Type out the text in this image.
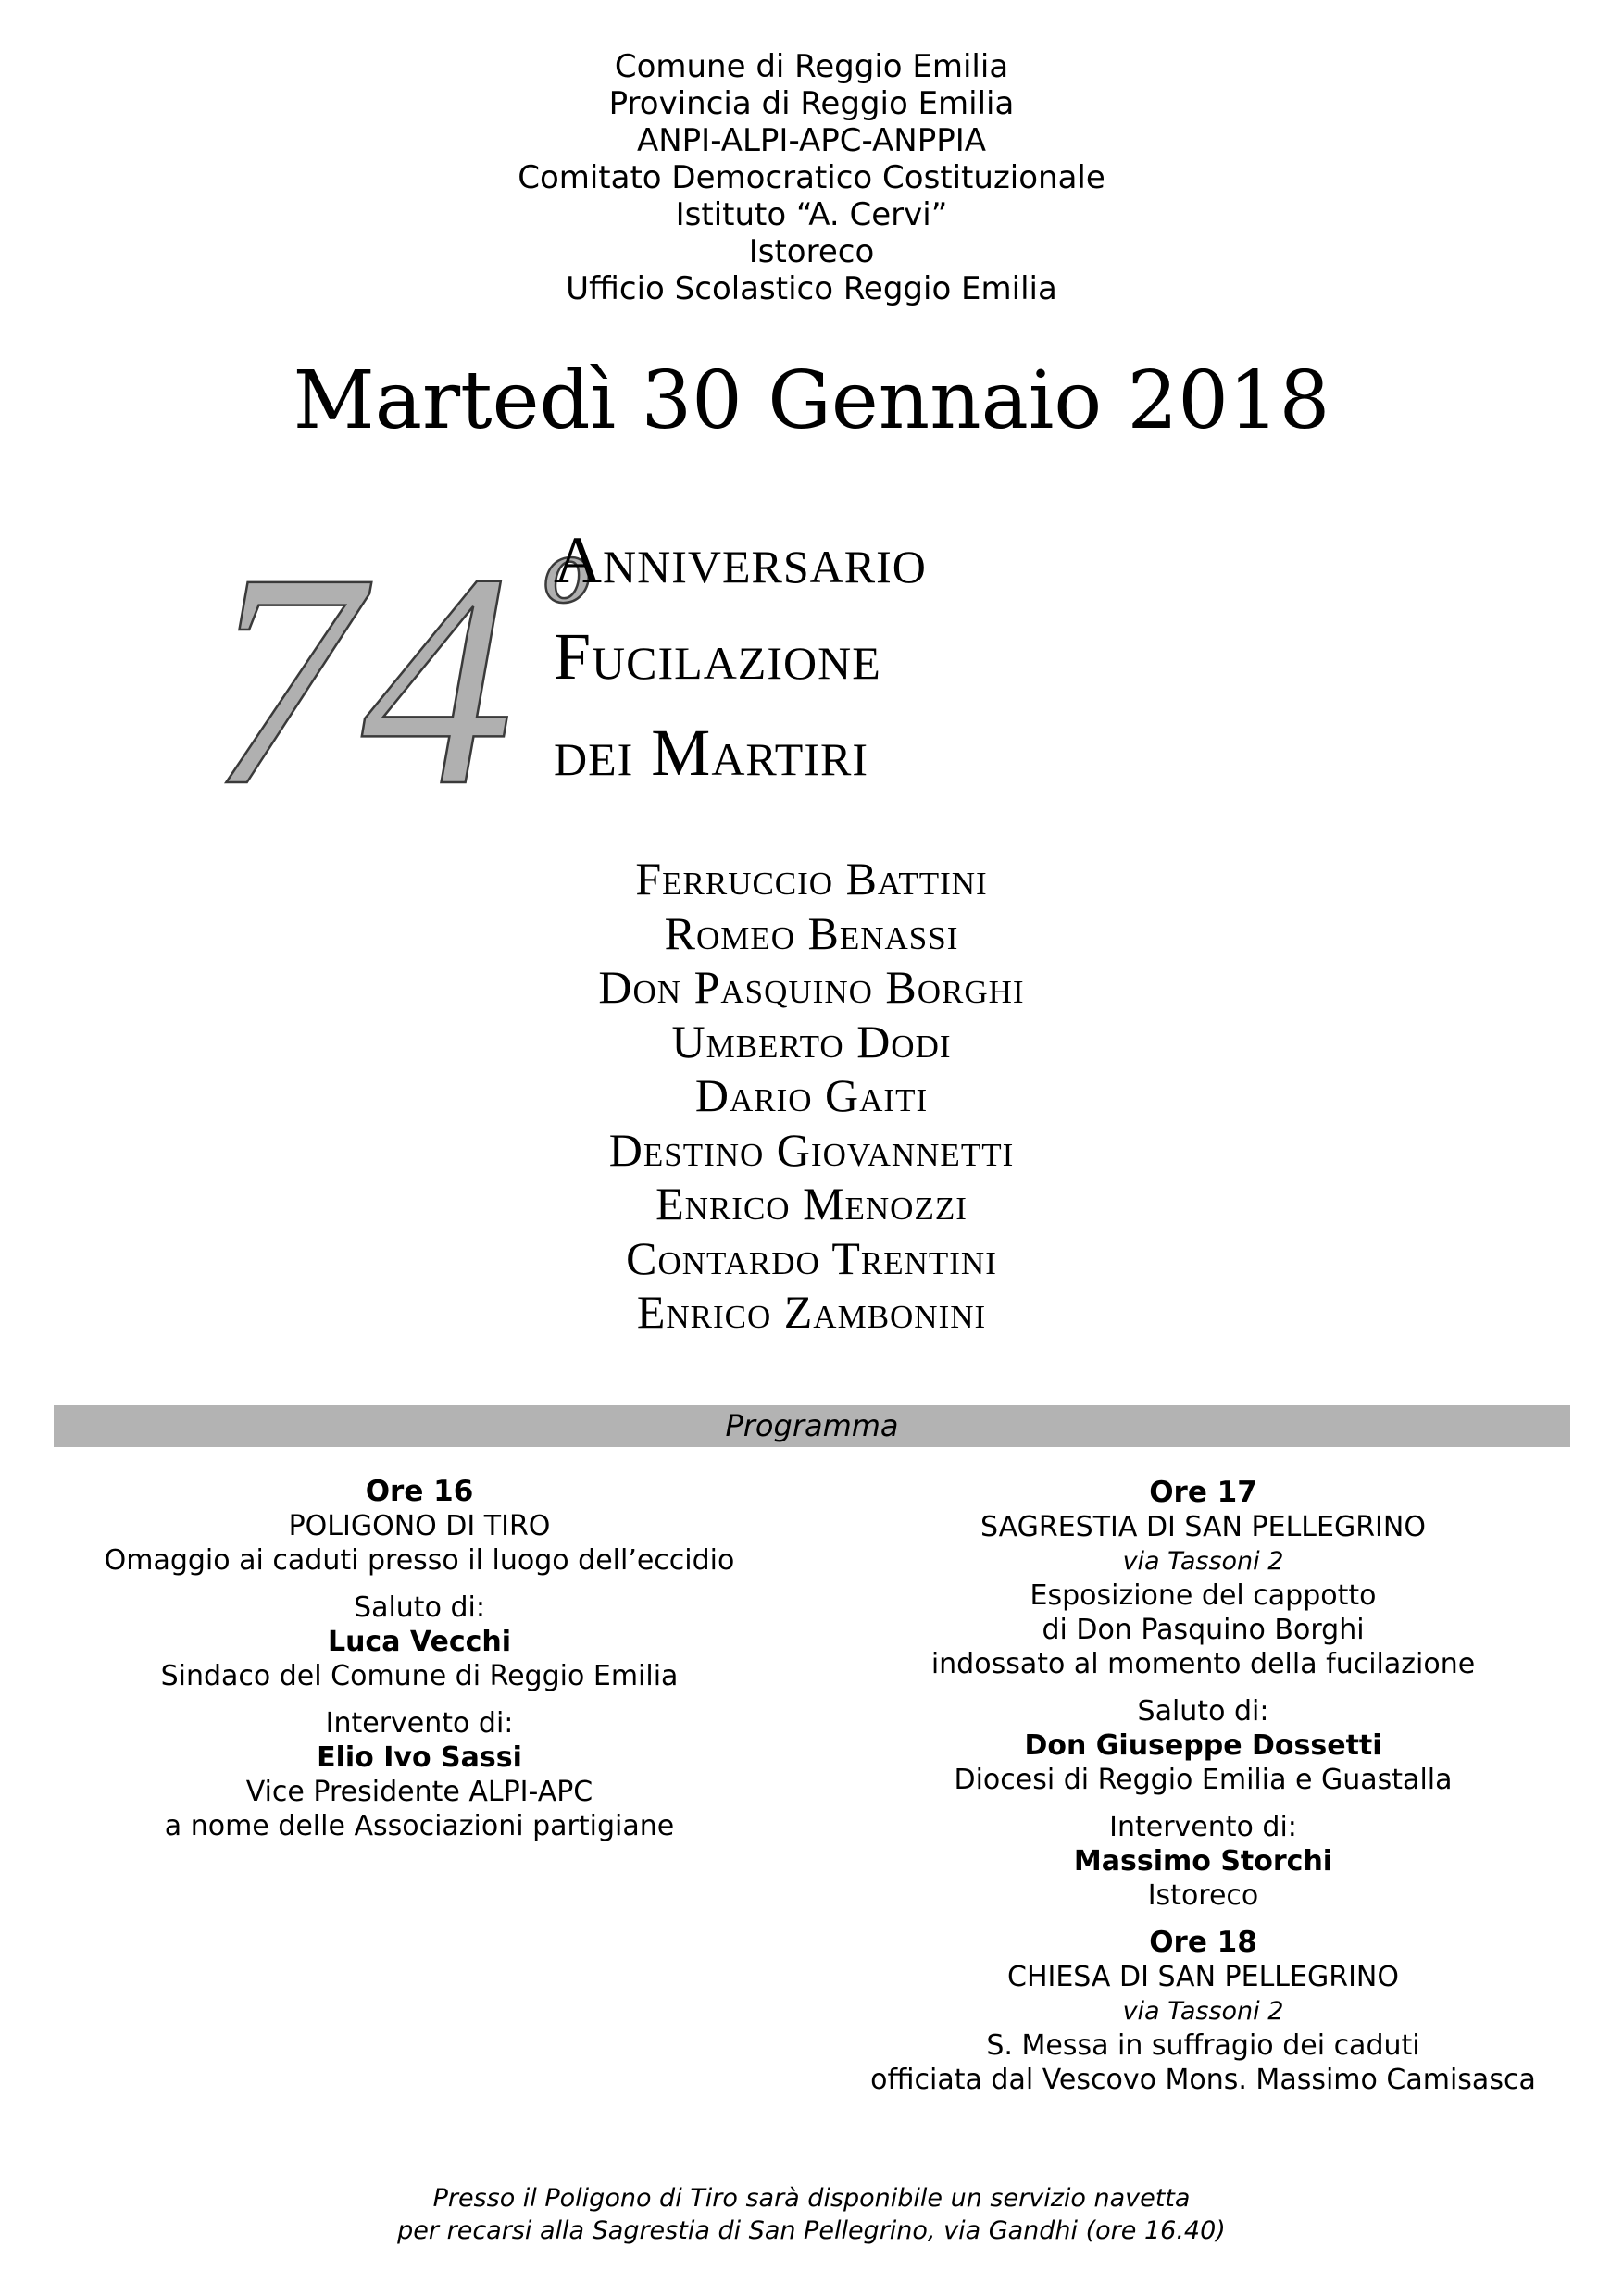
Comune di Reggio Emilia
Provincia di Reggio Emilia
ANPI-ALPI-APC-ANPPIA
Comitato Democratico Costituzionale
Istituto “A. Cervi”
Istoreco
Ufficio Scolastico Reggio Emilia
Martedì 30 Gennaio 2018
74 º
Anniversario
Fucilazione
dei Martiri
Ferruccio Battini
Romeo Benassi
Don Pasquino Borghi
Umberto Dodi
Dario Gaiti
Destino Giovannetti
Enrico Menozzi
Contardo Trentini
Enrico Zambonini
Programma
Ore 16
POLIGONO DI TIRO
Omaggio ai caduti presso il luogo dell’eccidio
Saluto di:
Luca Vecchi
Sindaco del Comune di Reggio Emilia
Intervento di:
Elio Ivo Sassi
Vice Presidente ALPI-APC
a nome delle Associazioni partigiane
Ore 17
SAGRESTIA DI SAN PELLEGRINO
via Tassoni 2
Esposizione del cappotto
di Don Pasquino Borghi
indossato al momento della fucilazione
Saluto di:
Don Giuseppe Dossetti
Diocesi di Reggio Emilia e Guastalla
Intervento di:
Massimo Storchi
Istoreco
Ore 18
CHIESA DI SAN PELLEGRINO
via Tassoni 2
S. Messa in suffragio dei caduti
officiata dal Vescovo Mons. Massimo Camisasca
Presso il Poligono di Tiro sarà disponibile un servizio navetta
per recarsi alla Sagrestia di San Pellegrino, via Gandhi (ore 16.40)
